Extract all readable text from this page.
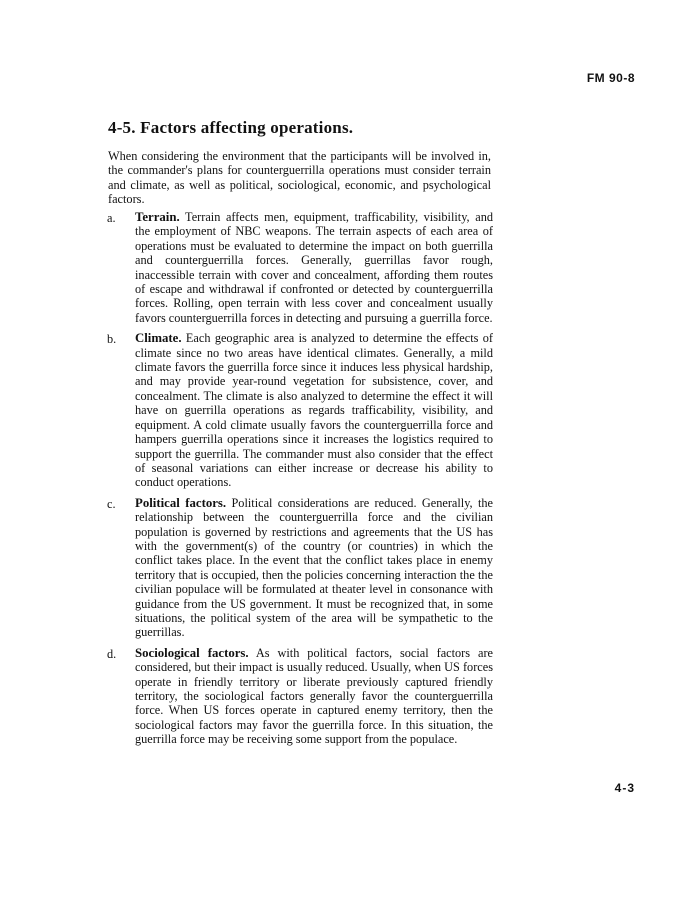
FM 90-8
4-5. Factors affecting operations.

When considering the environment that the participants will be involved in, the commander's plans for counterguerrilla operations must consider terrain and climate, as well as political, sociological, economic, and psychological factors.

a. Terrain. Terrain affects men, equipment, trafficability, visibility, and the employment of NBC weapons. The terrain aspects of each area of operations must be evaluated to determine the impact on both guerrilla and counterguerrilla forces. Generally, guerrillas favor rough, inaccessible terrain with cover and concealment, affording them routes of escape and withdrawal if confronted or detected by counterguerrilla forces. Rolling, open terrain with less cover and concealment usually favors counterguerrilla forces in detecting and pursuing a guerrilla force.

b. Climate. Each geographic area is analyzed to determine the effects of climate since no two areas have identical climates. Generally, a mild climate favors the guerrilla force since it induces less physical hardship, and may provide year-round vegetation for subsistence, cover, and concealment. The climate is also analyzed to determine the effect it will have on guerrilla operations as regards trafficability, visibility, and equipment. A cold climate usually favors the counterguerrilla force and hampers guerrilla operations since it increases the logistics required to support the guerrilla. The commander must also consider that the effect of seasonal variations can either increase or decrease his ability to conduct operations.

c. Political factors. Political considerations are reduced. Generally, the relationship between the counterguerrilla force and the civilian population is governed by restrictions and agreements that the US has with the government(s) of the country (or countries) in which the conflict takes place. In the event that the conflict takes place in enemy territory that is occupied, then the policies concerning interaction the the civilian populace will be formulated at theater level in consonance with guidance from the US government. It must be recognized that, in some situations, the political system of the area will be sympathetic to the guerrillas.

d. Sociological factors. As with political factors, social factors are considered, but their impact is usually reduced. Usually, when US forces operate in friendly territory or liberate previously captured friendly territory, the sociological factors generally favor the counterguerrilla force. When US forces operate in captured enemy territory, then the sociological factors may favor the guerrilla force. In this situation, the guerrilla force may be receiving some support from the populace.

4-3
